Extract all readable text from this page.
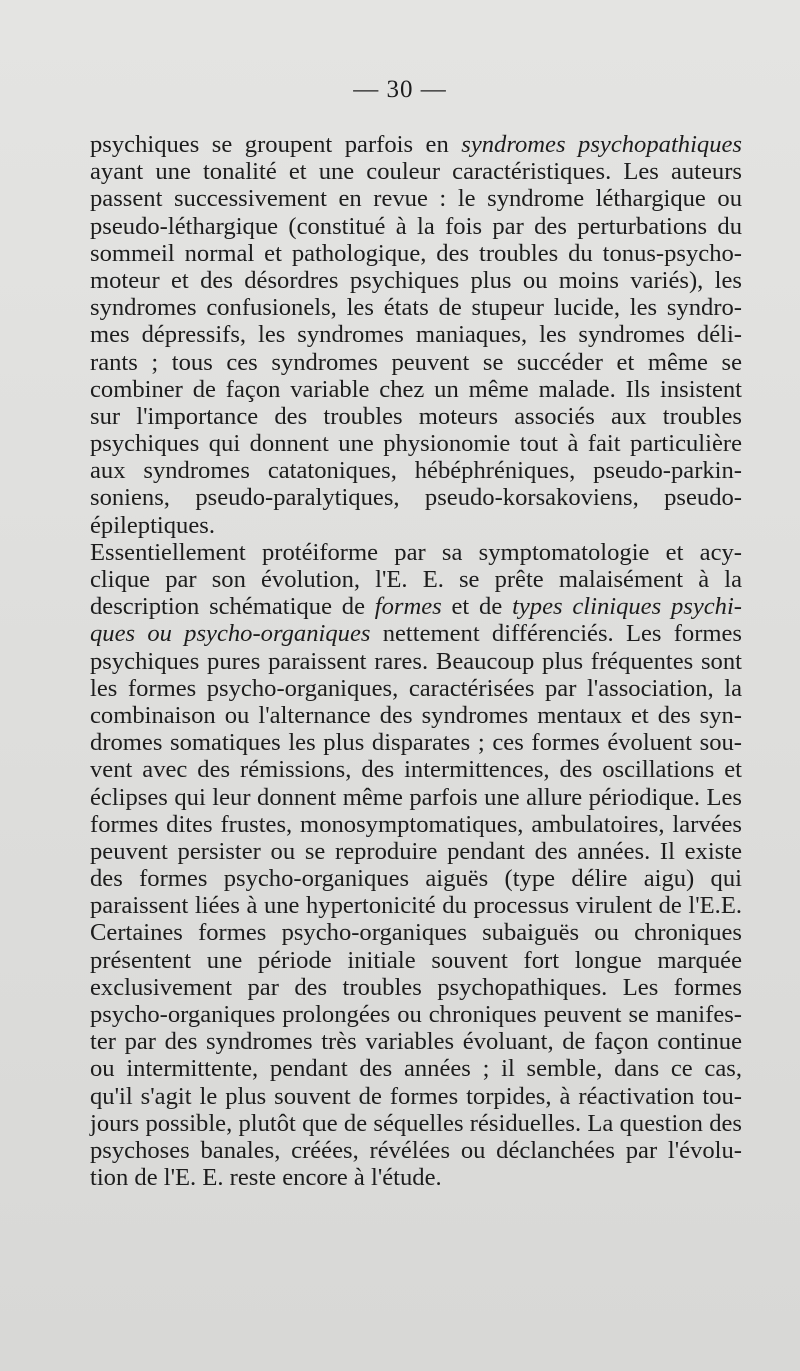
— 30 —
psychiques se groupent parfois en syndromes psychopathiques
ayant une tonalité et une couleur caractéristiques. Les auteurs
passent successivement en revue : le syndrome léthargique ou
pseudo-léthargique (constitué à la fois par des perturbations du
sommeil normal et pathologique, des troubles du tonus-psycho-
moteur et des désordres psychiques plus ou moins variés), les
syndromes confusionels, les états de stupeur lucide, les syndro-
mes dépressifs, les syndromes maniaques, les syndromes déli-
rants ; tous ces syndromes peuvent se succéder et même se
combiner de façon variable chez un même malade. Ils insistent
sur l'importance des troubles moteurs associés aux troubles
psychiques qui donnent une physionomie tout à fait particulière
aux syndromes catatoniques, hébéphréniques, pseudo-parkin-
soniens, pseudo-paralytiques, pseudo-korsakoviens, pseudo-
épileptiques.
Essentiellement protéiforme par sa symptomatologie et acy-
clique par son évolution, l'E. E. se prête malaisément à la
description schématique de formes et de types cliniques psychi-
ques ou psycho-organiques nettement différenciés. Les formes
psychiques pures paraissent rares. Beaucoup plus fréquentes sont
les formes psycho-organiques, caractérisées par l'association, la
combinaison ou l'alternance des syndromes mentaux et des syn-
dromes somatiques les plus disparates ; ces formes évoluent sou-
vent avec des rémissions, des intermittences, des oscillations et
éclipses qui leur donnent même parfois une allure périodique. Les
formes dites frustes, monosymptomatiques, ambulatoires, larvées
peuvent persister ou se reproduire pendant des années. Il existe
des formes psycho-organiques aiguës (type délire aigu) qui
paraissent liées à une hypertonicité du processus virulent de l'E.E.
Certaines formes psycho-organiques subaiguës ou chroniques
présentent une période initiale souvent fort longue marquée
exclusivement par des troubles psychopathiques. Les formes
psycho-organiques prolongées ou chroniques peuvent se manifes-
ter par des syndromes très variables évoluant, de façon continue
ou intermittente, pendant des années ; il semble, dans ce cas,
qu'il s'agit le plus souvent de formes torpides, à réactivation tou-
jours possible, plutôt que de séquelles résiduelles. La question des
psychoses banales, créées, révélées ou déclanchées par l'évolu-
tion de l'E. E. reste encore à l'étude.
